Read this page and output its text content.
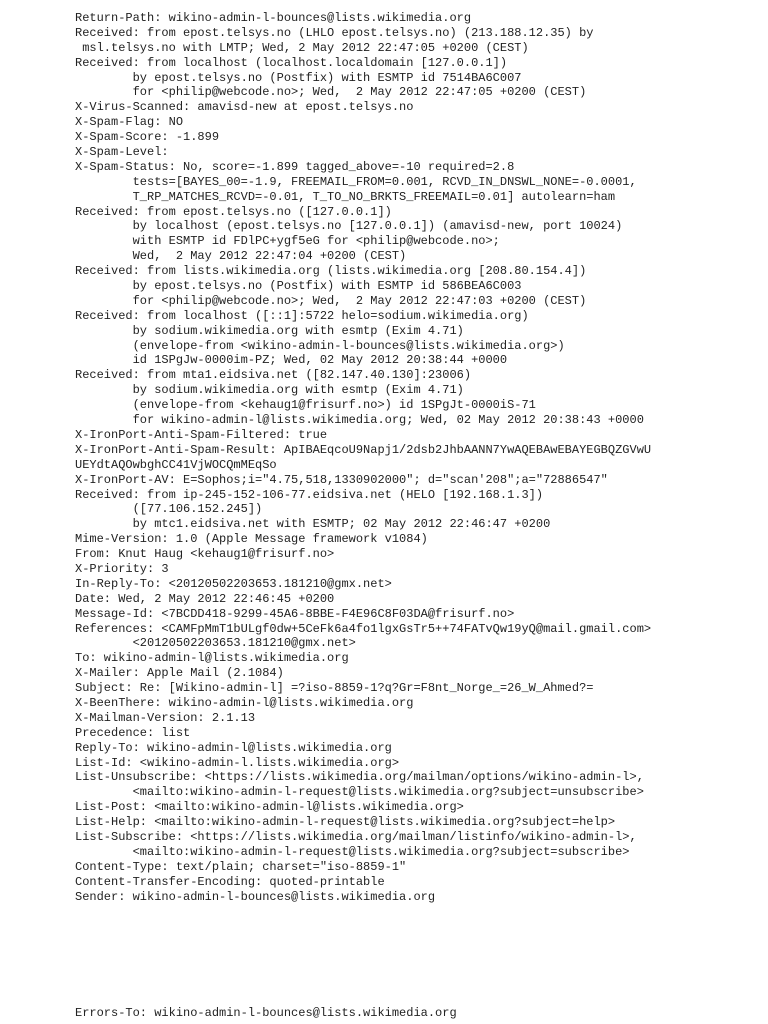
Return-Path: wikino-admin-l-bounces@lists.wikimedia.org
Received: from epost.telsys.no (LHLO epost.telsys.no) (213.188.12.35) by
msl.telsys.no with LMTP; Wed, 2 May 2012 22:47:05 +0200 (CEST)
Received: from localhost (localhost.localdomain [127.0.0.1])
by epost.telsys.no (Postfix) with ESMTP id 7514BA6C007
for <philip@webcode.no>; Wed,  2 May 2012 22:47:05 +0200 (CEST)
X-Virus-Scanned: amavisd-new at epost.telsys.no
X-Spam-Flag: NO
X-Spam-Score: -1.899
X-Spam-Level:
X-Spam-Status: No, score=-1.899 tagged_above=-10 required=2.8
tests=[BAYES_00=-1.9, FREEMAIL_FROM=0.001, RCVD_IN_DNSWL_NONE=-0.0001,
T_RP_MATCHES_RCVD=-0.01, T_TO_NO_BRKTS_FREEMAIL=0.01] autolearn=ham
Received: from epost.telsys.no ([127.0.0.1])
by localhost (epost.telsys.no [127.0.0.1]) (amavisd-new, port 10024)
with ESMTP id FDlPC+ygf5eG for <philip@webcode.no>;
Wed,  2 May 2012 22:47:04 +0200 (CEST)
Received: from lists.wikimedia.org (lists.wikimedia.org [208.80.154.4])
by epost.telsys.no (Postfix) with ESMTP id 586BEA6C003
for <philip@webcode.no>; Wed,  2 May 2012 22:47:03 +0200 (CEST)
Received: from localhost ([::1]:5722 helo=sodium.wikimedia.org)
by sodium.wikimedia.org with esmtp (Exim 4.71)
(envelope-from <wikino-admin-l-bounces@lists.wikimedia.org>)
id 1SPgJw-0000im-PZ; Wed, 02 May 2012 20:38:44 +0000
Received: from mta1.eidsiva.net ([82.147.40.130]:23006)
by sodium.wikimedia.org with esmtp (Exim 4.71)
(envelope-from <kehaug1@frisurf.no>) id 1SPgJt-0000iS-71
for wikino-admin-l@lists.wikimedia.org; Wed, 02 May 2012 20:38:43 +0000
X-IronPort-Anti-Spam-Filtered: true
X-IronPort-Anti-Spam-Result: ApIBAEqcoU9Napj1/2dsb2JhbAANN7YwAQEBAwEBAYEGBQZGVwU
UEYdtAQOwbghCC41VjWOCQmMEqSo
X-IronPort-AV: E=Sophos;i="4.75,518,1330902000"; d="scan'208";a="72886547"
Received: from ip-245-152-106-77.eidsiva.net (HELO [192.168.1.3])
([77.106.152.245])
by mtc1.eidsiva.net with ESMTP; 02 May 2012 22:46:47 +0200
Mime-Version: 1.0 (Apple Message framework v1084)
From: Knut Haug <kehaug1@frisurf.no>
X-Priority: 3
In-Reply-To: <20120502203653.181210@gmx.net>
Date: Wed, 2 May 2012 22:46:45 +0200
Message-Id: <7BCDD418-9299-45A6-8BBE-F4E96C8F03DA@frisurf.no>
References: <CAMFpMmT1bULgf0dw+5CeFk6a4fo1lgxGsTr5++74FATvQw19yQ@mail.gmail.com>
<20120502203653.181210@gmx.net>
To: wikino-admin-l@lists.wikimedia.org
X-Mailer: Apple Mail (2.1084)
Subject: Re: [Wikino-admin-l] =?iso-8859-1?q?Gr=F8nt_Norge_=26_W_Ahmed?=
X-BeenThere: wikino-admin-l@lists.wikimedia.org
X-Mailman-Version: 2.1.13
Precedence: list
Reply-To: wikino-admin-l@lists.wikimedia.org
List-Id: <wikino-admin-l.lists.wikimedia.org>
List-Unsubscribe: <https://lists.wikimedia.org/mailman/options/wikino-admin-l>,
<mailto:wikino-admin-l-request@lists.wikimedia.org?subject=unsubscribe>
List-Post: <mailto:wikino-admin-l@lists.wikimedia.org>
List-Help: <mailto:wikino-admin-l-request@lists.wikimedia.org?subject=help>
List-Subscribe: <https://lists.wikimedia.org/mailman/listinfo/wikino-admin-l>,
<mailto:wikino-admin-l-request@lists.wikimedia.org?subject=subscribe>
Content-Type: text/plain; charset="iso-8859-1"
Content-Transfer-Encoding: quoted-printable
Sender: wikino-admin-l-bounces@lists.wikimedia.org
Errors-To: wikino-admin-l-bounces@lists.wikimedia.org
